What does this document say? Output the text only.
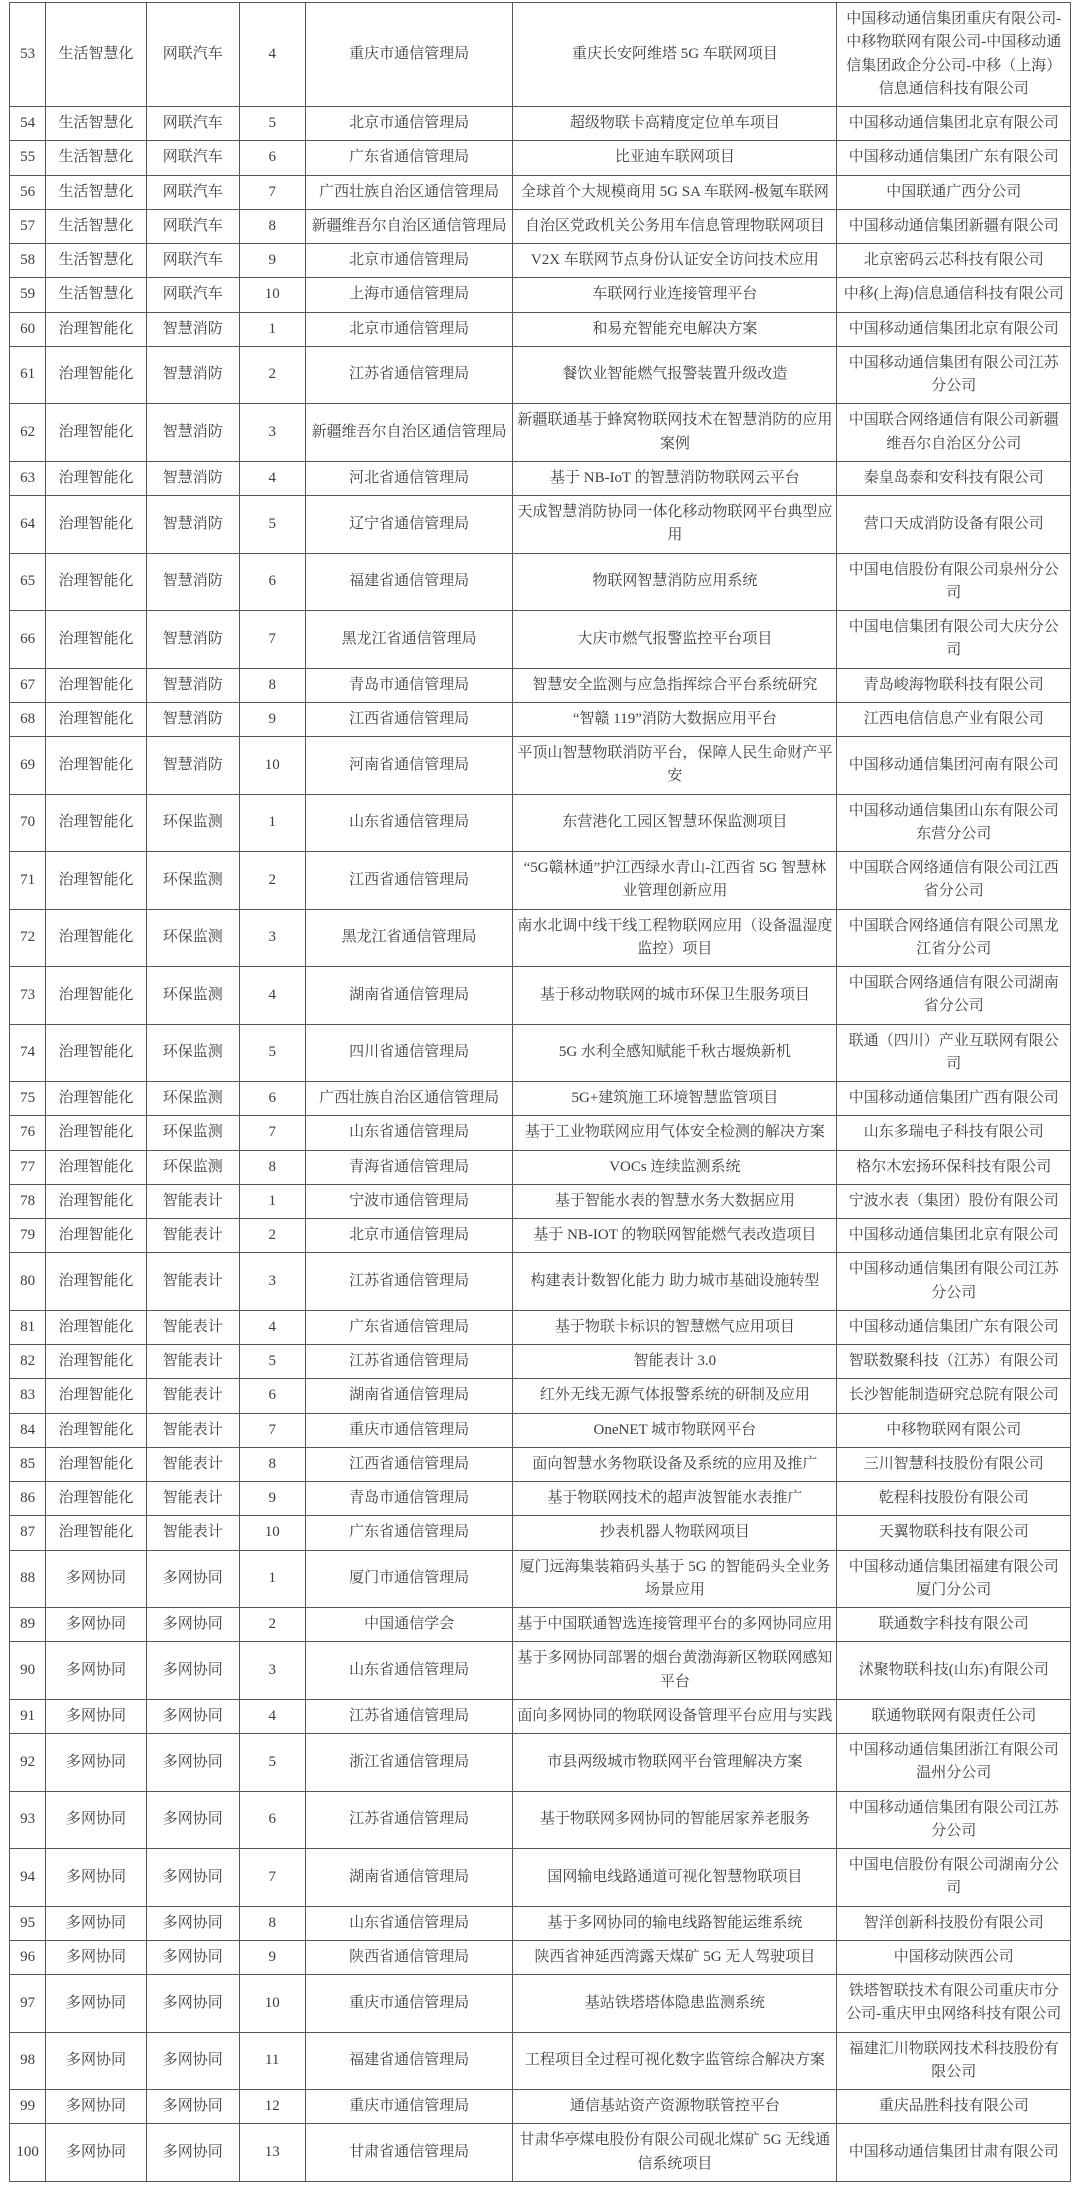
53	生活智慧化	网联汽车	4	重庆市通信管理局	重庆长安阿维塔 5G 车联网项目	中国移动通信集团重庆有限公司-中移物联网有限公司-中国移动通信集团政企分公司-中移（上海）信息通信科技有限公司
54	生活智慧化	网联汽车	5	北京市通信管理局	超级物联卡高精度定位单车项目	中国移动通信集团北京有限公司
55	生活智慧化	网联汽车	6	广东省通信管理局	比亚迪车联网项目	中国移动通信集团广东有限公司
56	生活智慧化	网联汽车	7	广西壮族自治区通信管理局	全球首个大规模商用 5G SA 车联网-极氪车联网	中国联通广西分公司
57	生活智慧化	网联汽车	8	新疆维吾尔自治区通信管理局	自治区党政机关公务用车信息管理物联网项目	中国移动通信集团新疆有限公司
58	生活智慧化	网联汽车	9	北京市通信管理局	V2X 车联网节点身份认证安全访问技术应用	北京密码云芯科技有限公司
59	生活智慧化	网联汽车	10	上海市通信管理局	车联网行业连接管理平台	中移(上海)信息通信科技有限公司
60	治理智能化	智慧消防	1	北京市通信管理局	和易充智能充电解决方案	中国移动通信集团北京有限公司
61	治理智能化	智慧消防	2	江苏省通信管理局	餐饮业智能燃气报警装置升级改造	中国移动通信集团有限公司江苏分公司
62	治理智能化	智慧消防	3	新疆维吾尔自治区通信管理局	新疆联通基于蜂窝物联网技术在智慧消防的应用案例	中国联合网络通信有限公司新疆维吾尔自治区分公司
63	治理智能化	智慧消防	4	河北省通信管理局	基于 NB-IoT 的智慧消防物联网云平台	秦皇岛泰和安科技有限公司
64	治理智能化	智慧消防	5	辽宁省通信管理局	天成智慧消防协同一体化移动物联网平台典型应用	营口天成消防设备有限公司
65	治理智能化	智慧消防	6	福建省通信管理局	物联网智慧消防应用系统	中国电信股份有限公司泉州分公司
66	治理智能化	智慧消防	7	黑龙江省通信管理局	大庆市燃气报警监控平台项目	中国电信集团有限公司大庆分公司
67	治理智能化	智慧消防	8	青岛市通信管理局	智慧安全监测与应急指挥综合平台系统研究	青岛峻海物联科技有限公司
68	治理智能化	智慧消防	9	江西省通信管理局	“智赣 119”消防大数据应用平台	江西电信信息产业有限公司
69	治理智能化	智慧消防	10	河南省通信管理局	平顶山智慧物联消防平台，保障人民生命财产平安	中国移动通信集团河南有限公司
70	治理智能化	环保监测	1	山东省通信管理局	东营港化工园区智慧环保监测项目	中国移动通信集团山东有限公司东营分公司
71	治理智能化	环保监测	2	江西省通信管理局	“5G赣林通”护江西绿水青山-江西省 5G 智慧林业管理创新应用	中国联合网络通信有限公司江西省分公司
72	治理智能化	环保监测	3	黑龙江省通信管理局	南水北调中线干线工程物联网应用（设备温湿度监控）项目	中国联合网络通信有限公司黑龙江省分公司
73	治理智能化	环保监测	4	湖南省通信管理局	基于移动物联网的城市环保卫生服务项目	中国联合网络通信有限公司湖南省分公司
74	治理智能化	环保监测	5	四川省通信管理局	5G 水利全感知赋能千秋古堰焕新机	联通（四川）产业互联网有限公司
75	治理智能化	环保监测	6	广西壮族自治区通信管理局	5G+建筑施工环境智慧监管项目	中国移动通信集团广西有限公司
76	治理智能化	环保监测	7	山东省通信管理局	基于工业物联网应用气体安全检测的解决方案	山东多瑞电子科技有限公司
77	治理智能化	环保监测	8	青海省通信管理局	VOCs 连续监测系统	格尔木宏扬环保科技有限公司
78	治理智能化	智能表计	1	宁波市通信管理局	基于智能水表的智慧水务大数据应用	宁波水表（集团）股份有限公司
79	治理智能化	智能表计	2	北京市通信管理局	基于 NB-IOT 的物联网智能燃气表改造项目	中国移动通信集团北京有限公司
80	治理智能化	智能表计	3	江苏省通信管理局	构建表计数智化能力 助力城市基础设施转型	中国移动通信集团有限公司江苏分公司
81	治理智能化	智能表计	4	广东省通信管理局	基于物联卡标识的智慧燃气应用项目	中国移动通信集团广东有限公司
82	治理智能化	智能表计	5	江苏省通信管理局	智能表计 3.0	智联数聚科技（江苏）有限公司
83	治理智能化	智能表计	6	湖南省通信管理局	红外无线无源气体报警系统的研制及应用	长沙智能制造研究总院有限公司
84	治理智能化	智能表计	7	重庆市通信管理局	OneNET 城市物联网平台	中移物联网有限公司
85	治理智能化	智能表计	8	江西省通信管理局	面向智慧水务物联设备及系统的应用及推广	三川智慧科技股份有限公司
86	治理智能化	智能表计	9	青岛市通信管理局	基于物联网技术的超声波智能水表推广	乾程科技股份有限公司
87	治理智能化	智能表计	10	广东省通信管理局	抄表机器人物联网项目	天翼物联科技有限公司
88	多网协同	多网协同	1	厦门市通信管理局	厦门远海集装箱码头基于 5G 的智能码头全业务场景应用	中国移动通信集团福建有限公司厦门分公司
89	多网协同	多网协同	2	中国通信学会	基于中国联通智选连接管理平台的多网协同应用	联通数字科技有限公司
90	多网协同	多网协同	3	山东省通信管理局	基于多网协同部署的烟台黄渤海新区物联网感知平台	沭聚物联科技(山东)有限公司
91	多网协同	多网协同	4	江苏省通信管理局	面向多网协同的物联网设备管理平台应用与实践	联通物联网有限责任公司
92	多网协同	多网协同	5	浙江省通信管理局	市县两级城市物联网平台管理解决方案	中国移动通信集团浙江有限公司温州分公司
93	多网协同	多网协同	6	江苏省通信管理局	基于物联网多网协同的智能居家养老服务	中国移动通信集团有限公司江苏分公司
94	多网协同	多网协同	7	湖南省通信管理局	国网输电线路通道可视化智慧物联项目	中国电信股份有限公司湖南分公司
95	多网协同	多网协同	8	山东省通信管理局	基于多网协同的输电线路智能运维系统	智洋创新科技股份有限公司
96	多网协同	多网协同	9	陕西省通信管理局	陕西省神延西湾露天煤矿 5G 无人驾驶项目	中国移动陕西公司
97	多网协同	多网协同	10	重庆市通信管理局	基站铁塔塔体隐患监测系统	铁塔智联技术有限公司重庆市分公司-重庆甲虫网络科技有限公司
98	多网协同	多网协同	11	福建省通信管理局	工程项目全过程可视化数字监管综合解决方案	福建汇川物联网技术科技股份有限公司
99	多网协同	多网协同	12	重庆市通信管理局	通信基站资产资源物联管控平台	重庆品胜科技有限公司
100	多网协同	多网协同	13	甘肃省通信管理局	甘肃华亭煤电股份有限公司砚北煤矿 5G 无线通信系统项目	中国移动通信集团甘肃有限公司
